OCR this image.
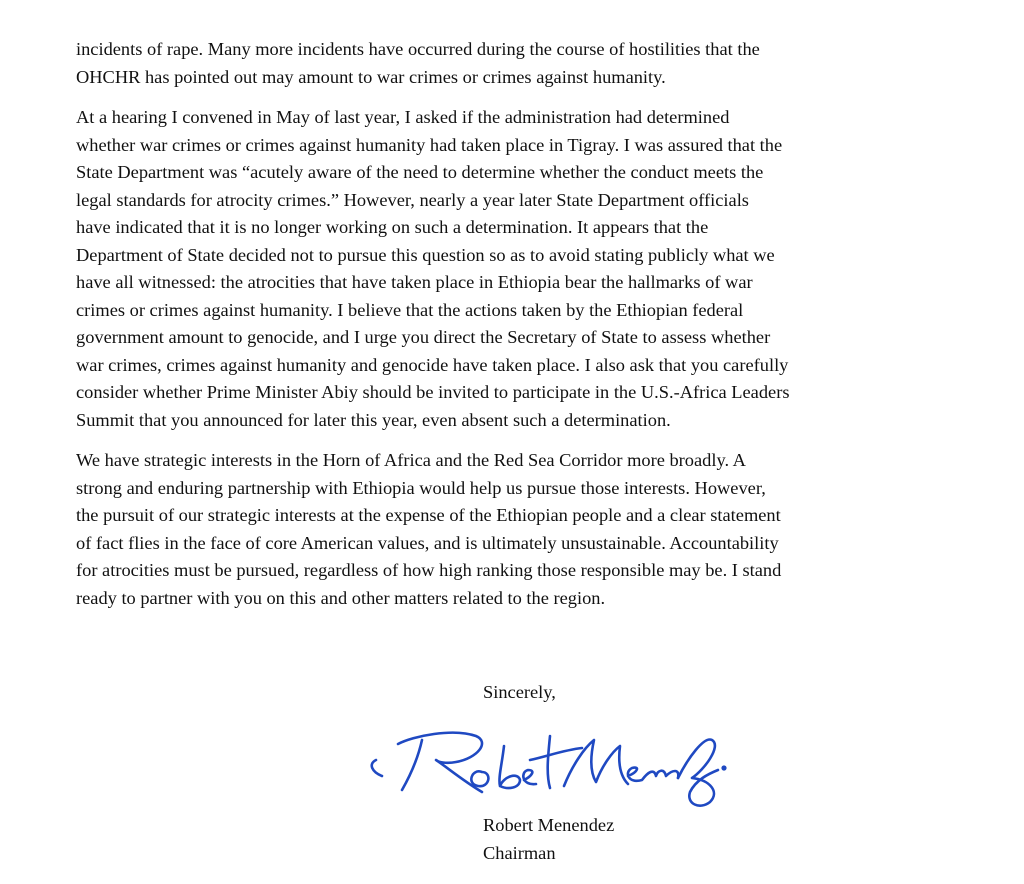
incidents of rape. Many more incidents have occurred during the course of hostilities that the
OHCHR has pointed out may amount to war crimes or crimes against humanity.
At a hearing I convened in May of last year, I asked if the administration had determined
whether war crimes or crimes against humanity had taken place in Tigray. I was assured that the
State Department was “acutely aware of the need to determine whether the conduct meets the
legal standards for atrocity crimes.” However, nearly a year later State Department officials
have indicated that it is no longer working on such a determination. It appears that the
Department of State decided not to pursue this question so as to avoid stating publicly what we
have all witnessed: the atrocities that have taken place in Ethiopia bear the hallmarks of war
crimes or crimes against humanity. I believe that the actions taken by the Ethiopian federal
government amount to genocide, and I urge you direct the Secretary of State to assess whether
war crimes, crimes against humanity and genocide have taken place. I also ask that you carefully
consider whether Prime Minister Abiy should be invited to participate in the U.S.-Africa Leaders
Summit that you announced for later this year, even absent such a determination.
We have strategic interests in the Horn of Africa and the Red Sea Corridor more broadly. A
strong and enduring partnership with Ethiopia would help us pursue those interests. However,
the pursuit of our strategic interests at the expense of the Ethiopian people and a clear statement
of fact flies in the face of core American values, and is ultimately unsustainable. Accountability
for atrocities must be pursued, regardless of how high ranking those responsible may be. I stand
ready to partner with you on this and other matters related to the region.
Sincerely,
Robert Menendez
Chairman
